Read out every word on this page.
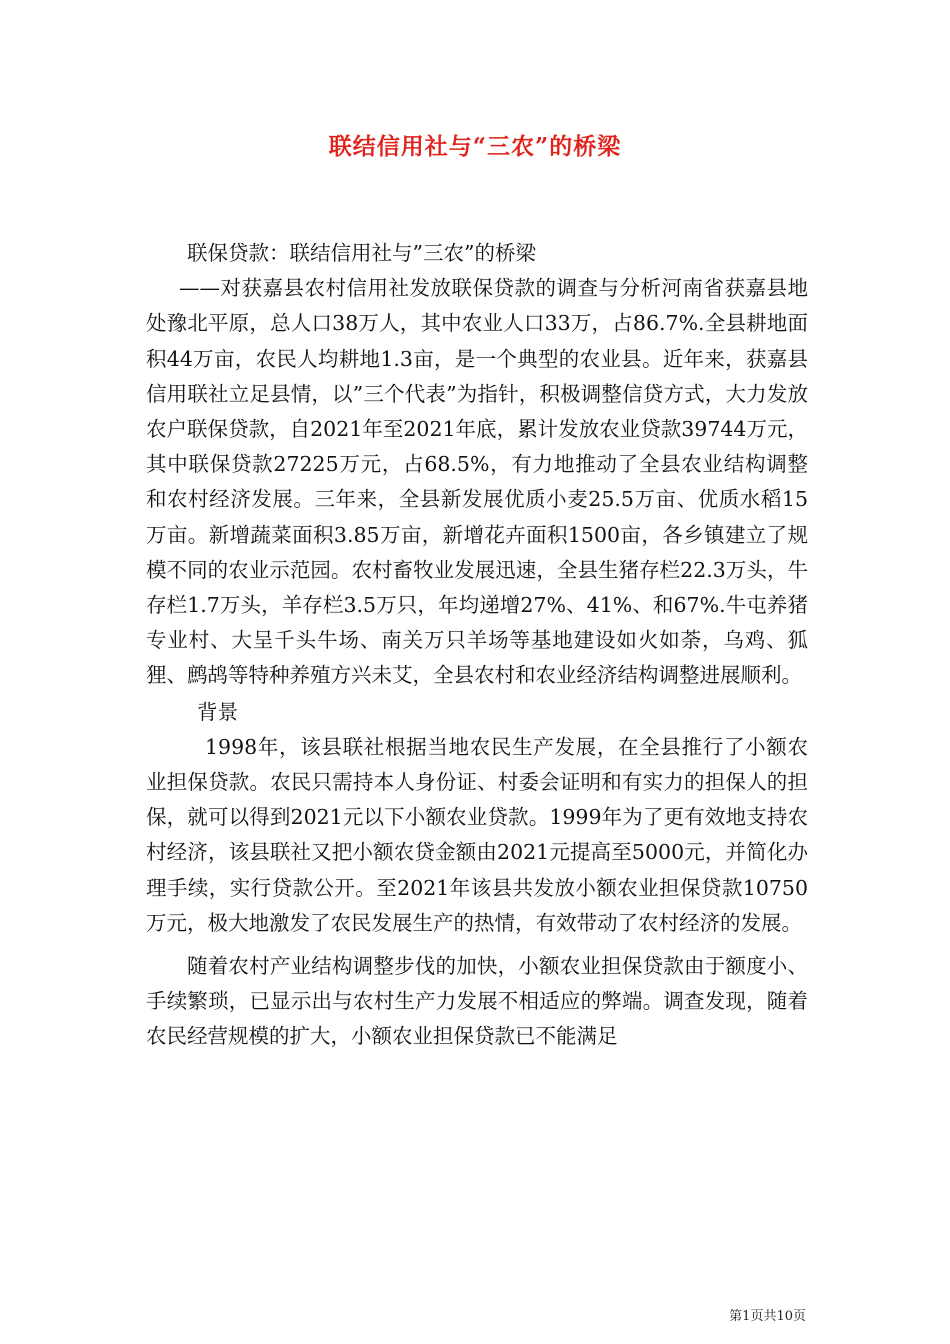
联结信用社与“三农”的桥梁

联保贷款：联结信用社与”三农”的桥梁

——对获嘉县农村信用社发放联保贷款的调查与分析河南省获嘉县地处豫北平原，总人口38万人，其中农业人口33万，占86.7%.全县耕地面积44万亩，农民人均耕地1.3亩，是一个典型的农业县。近年来，获嘉县信用联社立足县情，以”三个代表”为指针，积极调整信贷方式，大力发放农户联保贷款，自2021年至2021年底，累计发放农业贷款39744万元，其中联保贷款27225万元，占68.5%，有力地推动了全县农业结构调整和农村经济发展。三年来，全县新发展优质小麦25.5万亩、优质水稻15万亩。新增蔬菜面积3.85万亩，新增花卉面积1500亩，各乡镇建立了规模不同的农业示范园。农村畜牧业发展迅速，全县生猪存栏22.3万头，牛存栏1.7万头，羊存栏3.5万只，年均递增27%、41%、和67%.牛屯养猪专业村、大呈千头牛场、南关万只羊场等基地建设如火如荼，乌鸡、狐狸、鹧鸪等特种养殖方兴未艾，全县农村和农业经济结构调整进展顺利。

背景

1998年，该县联社根据当地农民生产发展，在全县推行了小额农业担保贷款。农民只需持本人身份证、村委会证明和有实力的担保人的担保，就可以得到2021元以下小额农业贷款。1999年为了更有效地支持农村经济，该县联社又把小额农贷金额由2021元提高至5000元，并简化办理手续，实行贷款公开。至2021年该县共发放小额农业担保贷款10750万元，极大地激发了农民发展生产的热情，有效带动了农村经济的发展。

随着农村产业结构调整步伐的加快，小额农业担保贷款由于额度小、手续繁琐，已显示出与农村生产力发展不相适应的弊端。调查发现，随着农民经营规模的扩大，小额农业担保贷款已不能满足

第1页共10页
